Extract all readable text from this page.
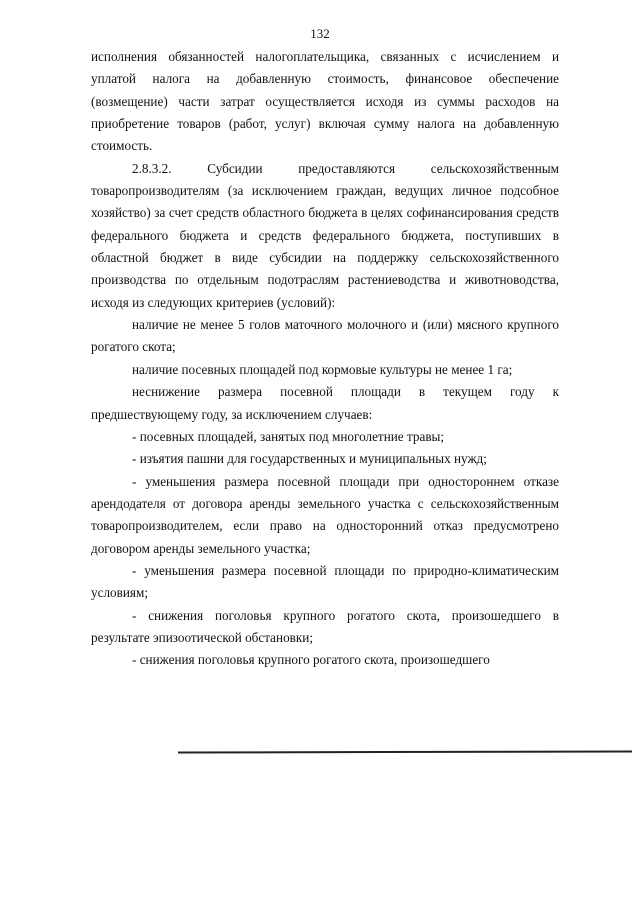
132

исполнения обязанностей налогоплательщика, связанных с исчислением и уплатой налога на добавленную стоимость, финансовое обеспечение (возмещение) части затрат осуществляется исходя из суммы расходов на приобретение товаров (работ, услуг) включая сумму налога на добавленную стоимость.

2.8.3.2. Субсидии предоставляются сельскохозяйственным товаропроизводителям (за исключением граждан, ведущих личное подсобное хозяйство) за счет средств областного бюджета в целях софинансирования средств федерального бюджета и средств федерального бюджета, поступивших в областной бюджет в виде субсидии на поддержку сельскохозяйственного производства по отдельным подотраслям растениеводства и животноводства, исходя из следующих критериев (условий):

наличие не менее 5 голов маточного молочного и (или) мясного крупного рогатого скота;

наличие посевных площадей под кормовые культуры не менее 1 га;

неснижение размера посевной площади в текущем году к предшествующему году, за исключением случаев:

- посевных площадей, занятых под многолетние травы;

- изъятия пашни для государственных и муниципальных нужд;

- уменьшения размера посевной площади при одностороннем отказе арендодателя от договора аренды земельного участка с сельскохозяйственным товаропроизводителем, если право на односторонний отказ предусмотрено договором аренды земельного участка;

- уменьшения размера посевной площади по природно-климатическим условиям;

- снижения поголовья крупного рогатого скота, произошедшего в результате эпизоотической обстановки;

- снижения поголовья крупного рогатого скота, произошедшего
